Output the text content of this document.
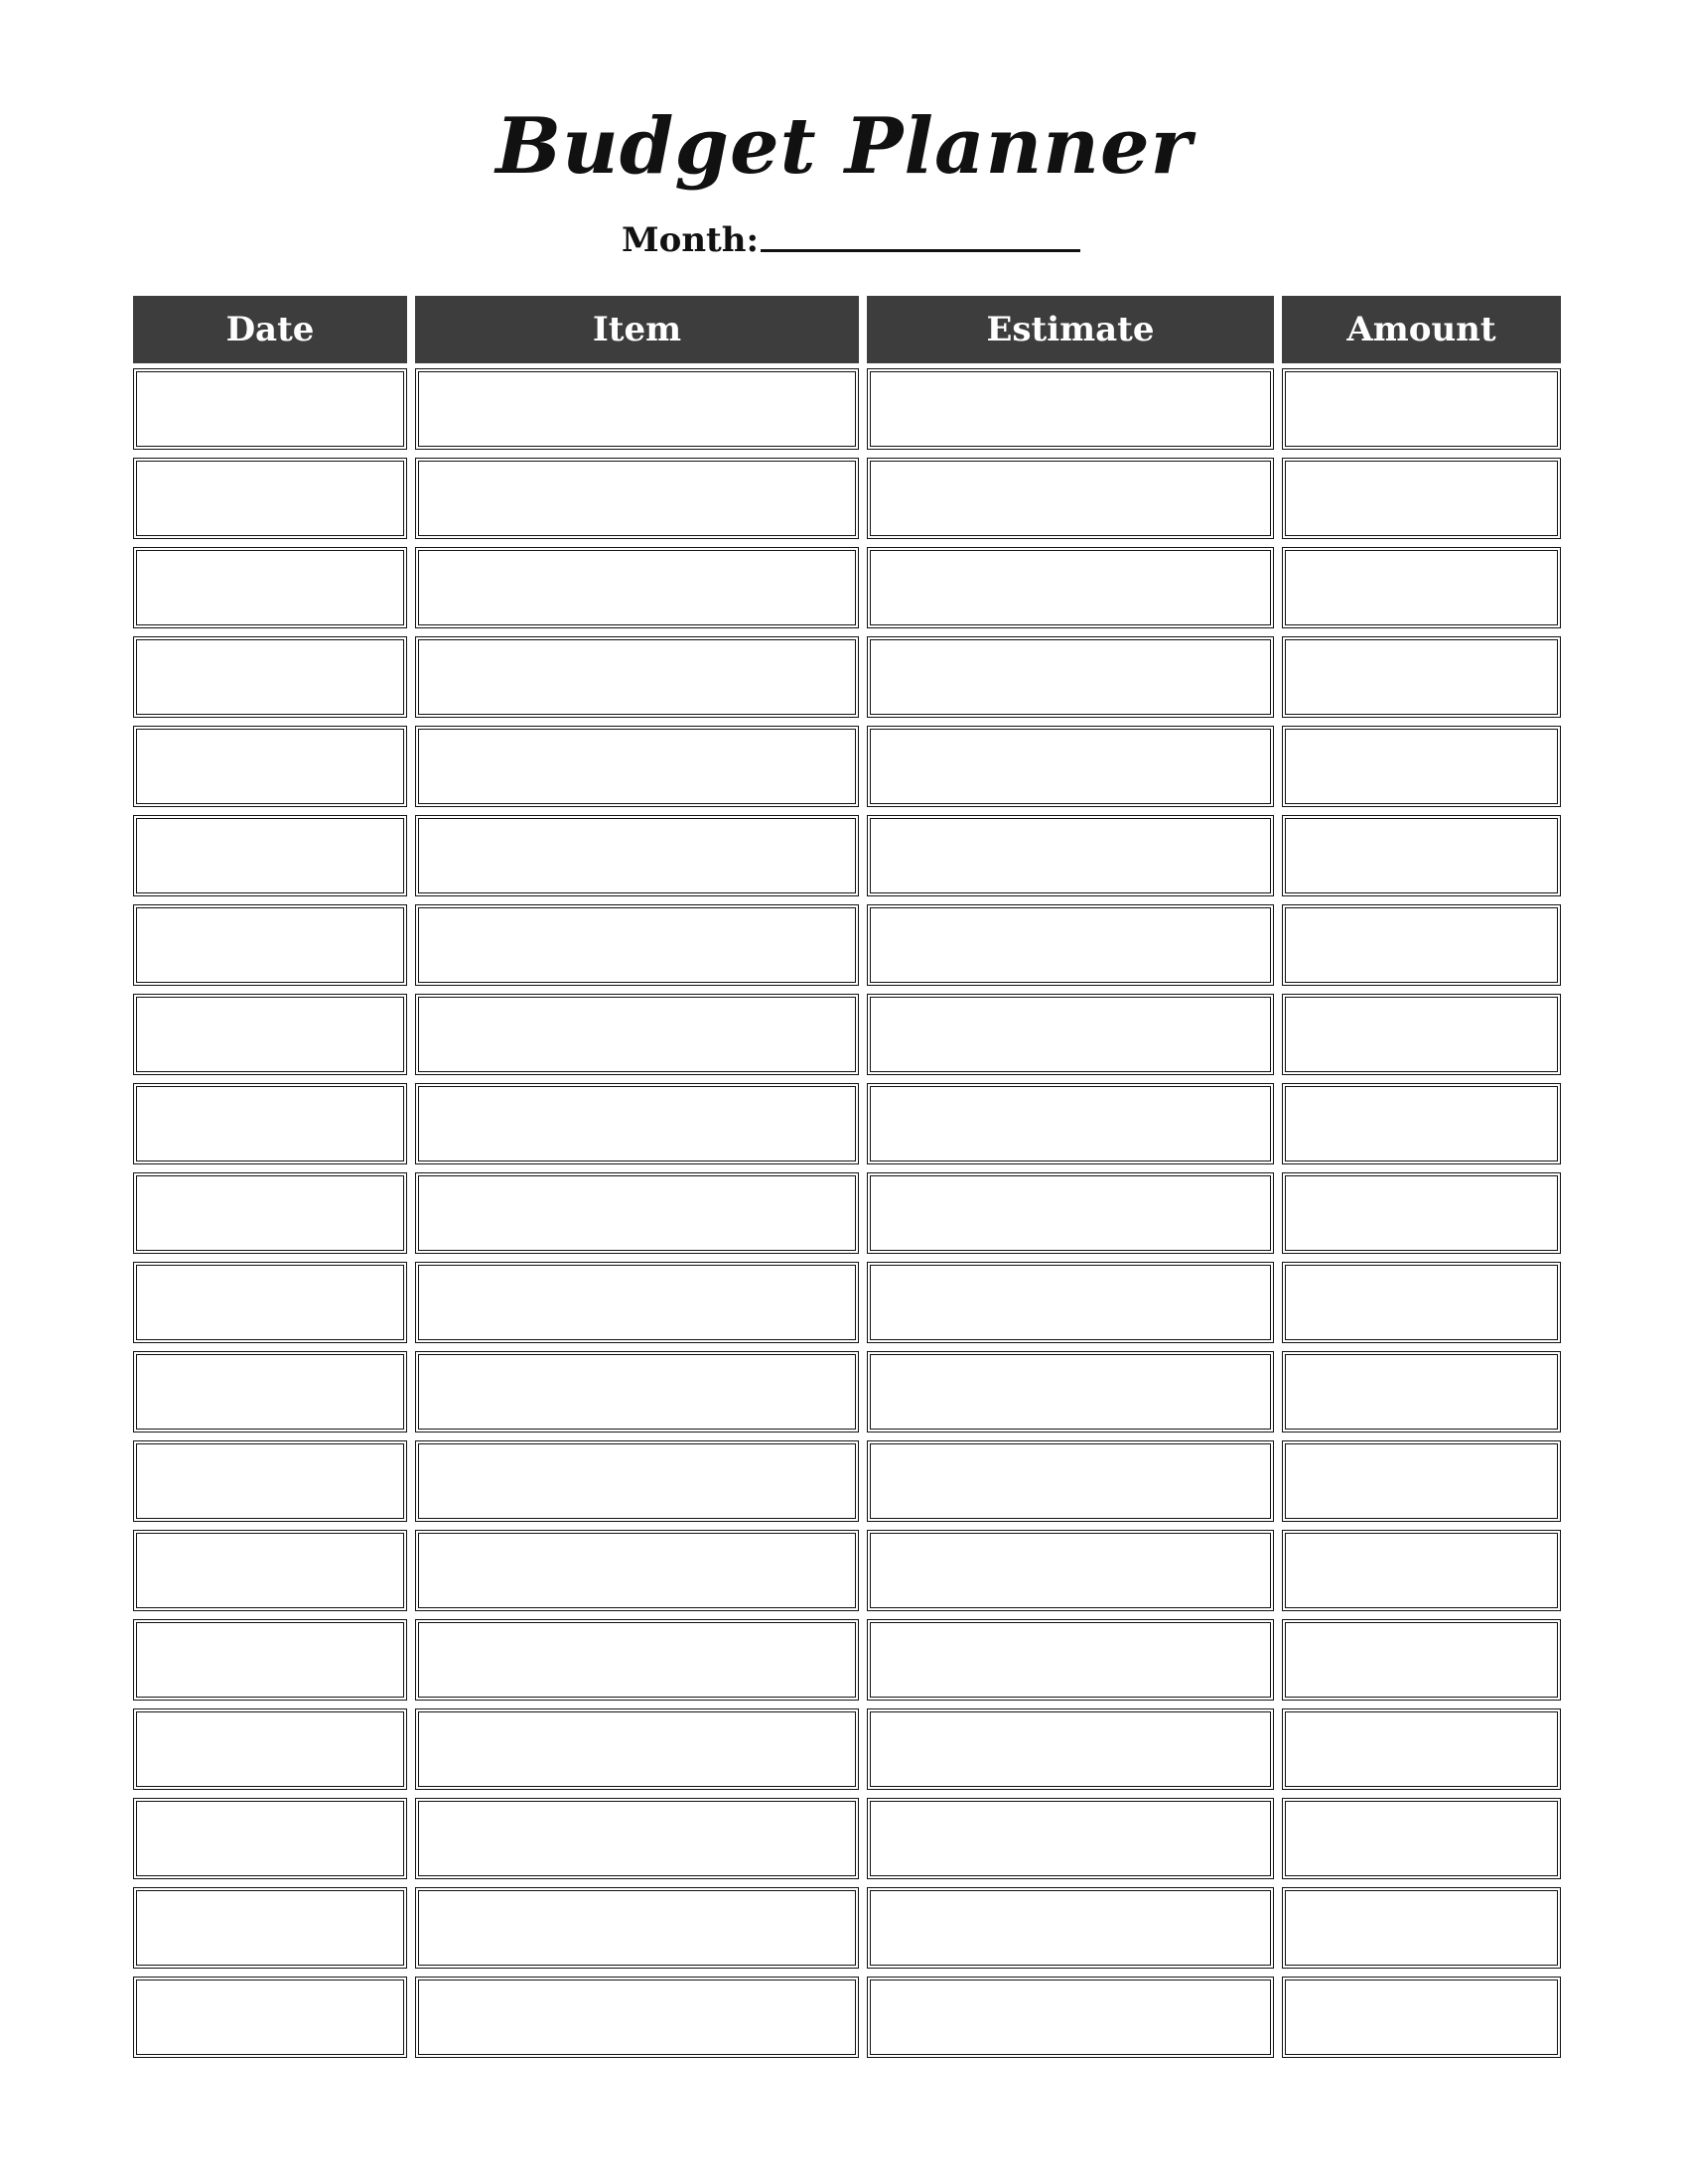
Budget Planner
Month:
Date	Item	Estimate	Amount
